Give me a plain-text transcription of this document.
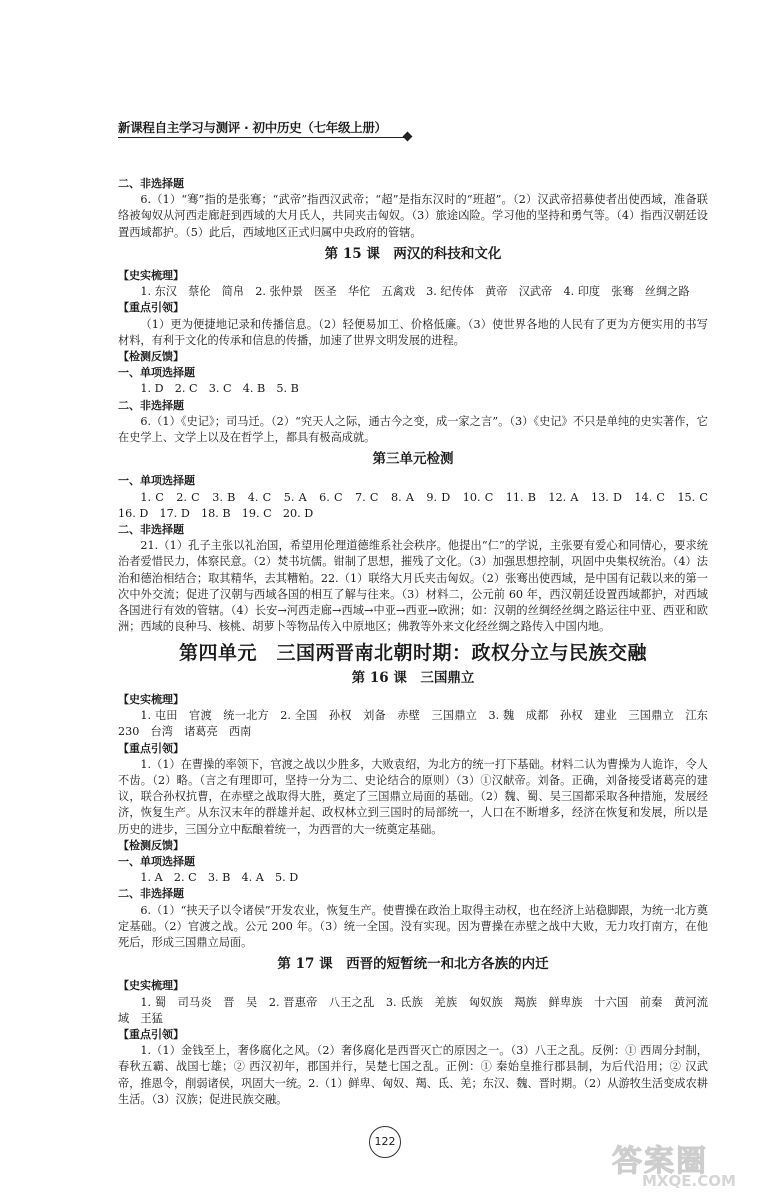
新课程自主学习与测评 · 初中历史（七年级上册）
二、非选择题
6.（1）“骞”指的是张骞；“武帝”指西汉武帝；“超”是指东汉时的“班超”。（2）汉武帝招募使者出使西域，准备联络被匈奴从河西走廊赶到西域的大月氏人，共同夹击匈奴。（3）旅途凶险。学习他的坚持和勇气等。（4）指西汉朝廷设置西域都护。（5）此后，西域地区正式归属中央政府的管辖。
第 15 课　两汉的科技和文化
【史实梳理】
1. 东汉　蔡伦　简帛　2. 张仲景　医圣　华佗　五禽戏　3. 纪传体　黄帝　汉武帝　4. 印度　张骞　丝绸之路
【重点引领】
（1）更为便捷地记录和传播信息。（2）轻便易加工、价格低廉。（3）使世界各地的人民有了更为方便实用的书写材料，有利于文化的传承和信息的传播，加速了世界文明发展的进程。
【检测反馈】
一、单项选择题
1. D　2. C　3. C　4. B　5. B
二、非选择题
6.（1）《史记》；司马迁。（2）“究天人之际，通古今之变，成一家之言”。（3）《史记》不只是单纯的史实著作，它在史学上、文学上以及在哲学上，都具有极高成就。
第三单元检测
一、单项选择题
1. C　2. C　3. B　4. C　5. A　6. C　7. C　8. A　9. D　10. C　11. B　12. A　13. D　14. C　15. C　16. D　17. D　18. B　19. C　20. D
二、非选择题
21.（1）孔子主张以礼治国，希望用伦理道德维系社会秩序。他提出“仁”的学说，主张要有爱心和同情心，要求统治者爱惜民力，体察民意。（2）焚书坑儒。钳制了思想，摧残了文化。（3）加强思想控制，巩固中央集权统治。（4）法治和德治相结合；取其精华，去其糟粕。22.（1）联络大月氏夹击匈奴。（2）张骞出使西域，是中国有记载以来的第一次中外交流；促进了汉朝与西域各国的相互了解与往来。（3）材料二，公元前 60 年，西汉朝廷设置西域都护，对西域各国进行有效的管辖。（4）长安→河西走廊→西域→中亚→西亚→欧洲；如：汉朝的丝绸经丝绸之路运往中亚、西亚和欧洲；西域的良种马、核桃、胡萝卜等物品传入中原地区；佛教等外来文化经丝绸之路传入中国内地。
第四单元　三国两晋南北朝时期：政权分立与民族交融
第 16 课　三国鼎立
【史实梳理】
1. 屯田　官渡　统一北方　2. 全国　孙权　刘备　赤壁　三国鼎立　3. 魏　成都　孙权　建业　三国鼎立　江东　230　台湾　诸葛亮　西南
【重点引领】
1.（1）在曹操的率领下，官渡之战以少胜多，大败袁绍，为北方的统一打下基础。材料二认为曹操为人诡诈，令人不齿。（2）略。（言之有理即可，坚持一分为二、史论结合的原则）（3）①汉献帝。刘备。正确，刘备接受诸葛亮的建议，联合孙权抗曹，在赤壁之战取得大胜，奠定了三国鼎立局面的基础。（2）魏、蜀、吴三国都采取各种措施，发展经济，恢复生产。从东汉末年的群雄并起、政权林立到三国时的局部统一，人口在不断增多，经济在恢复和发展，所以是历史的进步，三国分立中酝酿着统一，为西晋的大一统奠定基础。
【检测反馈】
一、单项选择题
1. A　2. C　3. B　4. A　5. D
二、非选择题
6.（1）“挟天子以令诸侯”开发农业，恢复生产。使曹操在政治上取得主动权，也在经济上站稳脚跟，为统一北方奠定基础。（2）官渡之战。公元 200 年。（3）统一全国。没有实现。因为曹操在赤壁之战中大败，无力攻打南方，在他死后，形成三国鼎立局面。
第 17 课　西晋的短暂统一和北方各族的内迁
【史实梳理】
1. 蜀　司马炎　晋　吴　2. 晋惠帝　八王之乱　3. 氐族　羌族　匈奴族　羯族　鲜卑族　十六国　前秦　黄河流域　王猛
【重点引领】
1.（1）金钱至上，奢侈腐化之风。（2）奢侈腐化是西晋灭亡的原因之一。（3）八王之乱。反例：① 西周分封制，春秋五霸、战国七雄；② 西汉初年，郡国并行，吴楚七国之乱。正例：① 秦始皇推行郡县制，为后代沿用；② 汉武帝，推恩令，削弱诸侯，巩固大一统。2.（1）鲜卑、匈奴、羯、氐、羌；东汉、魏、晋时期。（2）从游牧生活变成农耕生活。（3）汉族；促进民族交融。
122
答案圈
MXQE.COM
